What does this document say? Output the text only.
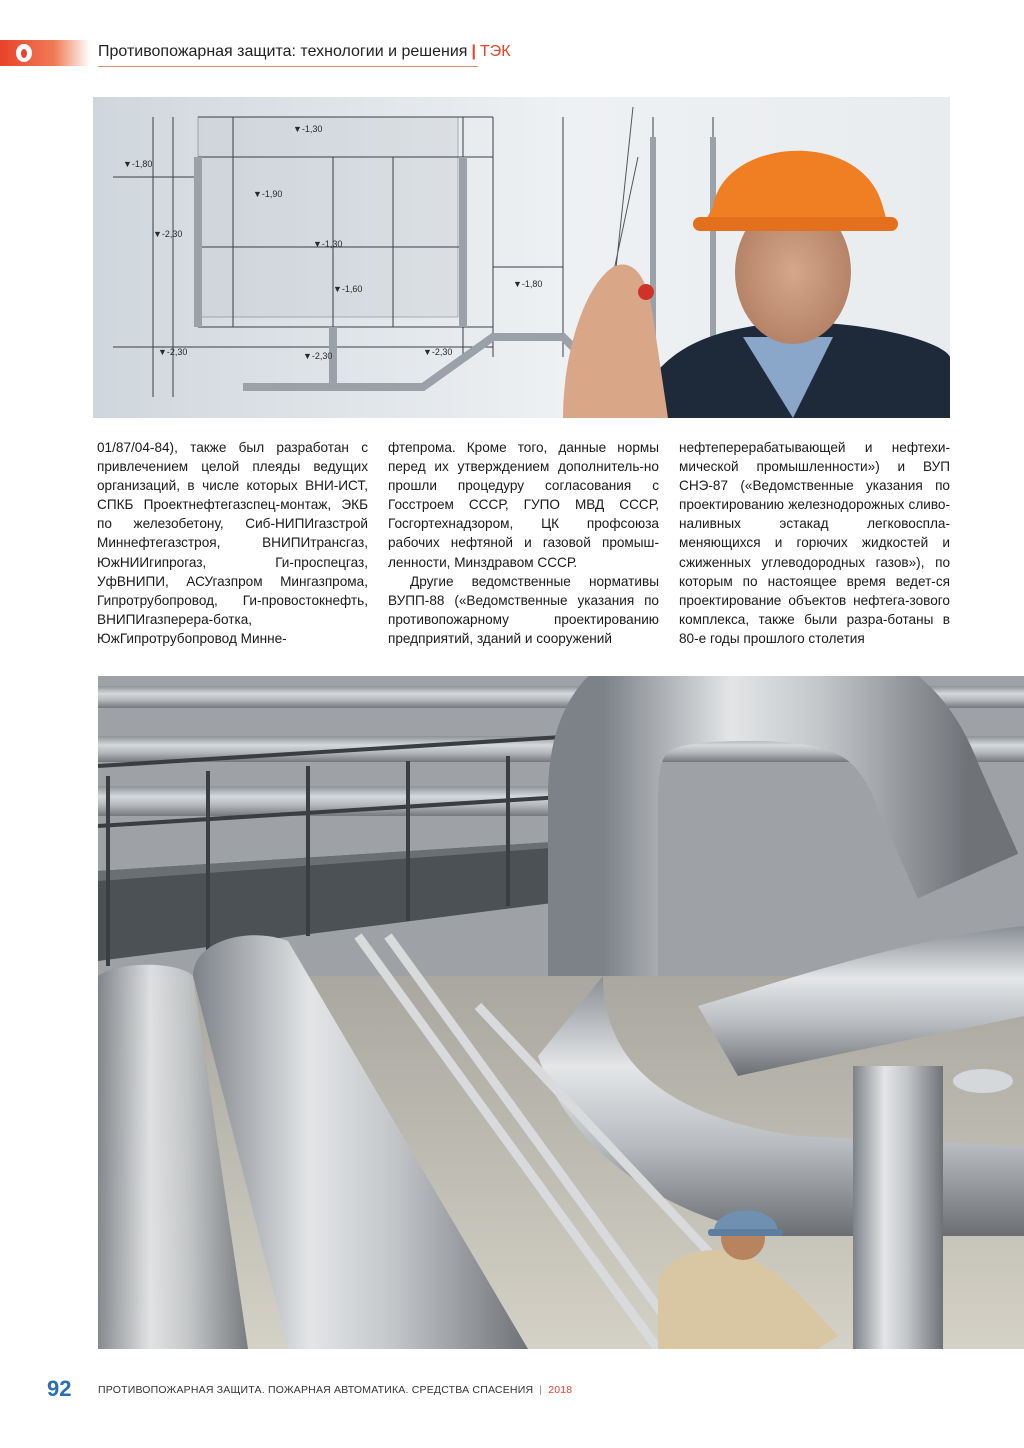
Противопожарная защита: технологии и решения | ТЭК
▼-1,30
▼-1,90
▼-1,30
▼-1,60
▼-2,30	▼-2,30	▼-2,30
▼-1,80
▼-2,30
▼-1,80

01/87/04-84), также был разработан с привлечением целой плеяды ведущих организаций, в числе которых ВНИ-ИСТ, СПКБ Проектнефтегазспец-монтаж, ЭКБ по железобетону, Сиб-НИПИгазстрой Миннефтегазстроя, ВНИПИтрансгаз, ЮжНИИгипрогаз, Ги-проспецгаз, УфВНИПИ, АСУгазпром Мингазпрома, Гипротрубопровод, Ги-провостокнефть, ВНИПИгазперера-ботка, ЮжГипротрубопровод Минне-

фтепрома. Кроме того, данные нормы перед их утверждением дополнитель-но прошли процедуру согласования с Госстроем СССР, ГУПО МВД СССР, Госгортехнадзором, ЦК профсоюза рабочих нефтяной и газовой промыш-ленности, Минздравом СССР.

Другие ведомственные нормативы ВУПП-88 («Ведомственные указания по противопожарному проектированию предприятий, зданий и сооружений

нефтеперерабатывающей и нефтехи-мической промышленности») и ВУП СНЭ-87 («Ведомственные указания по проектированию железнодорожных сливо-наливных эстакад легковоспла-меняющихся и горючих жидкостей и сжиженных углеводородных газов»), по которым по настоящее время ведет-ся проектирование объектов нефтега-зового комплекса, также были разра-ботаны в 80-е годы прошлого столетия

92	ПРОТИВОПОЖАРНАЯ ЗАЩИТА. ПОЖАРНАЯ АВТОМАТИКА. СРЕДСТВА СПАСЕНИЯ | 2018
